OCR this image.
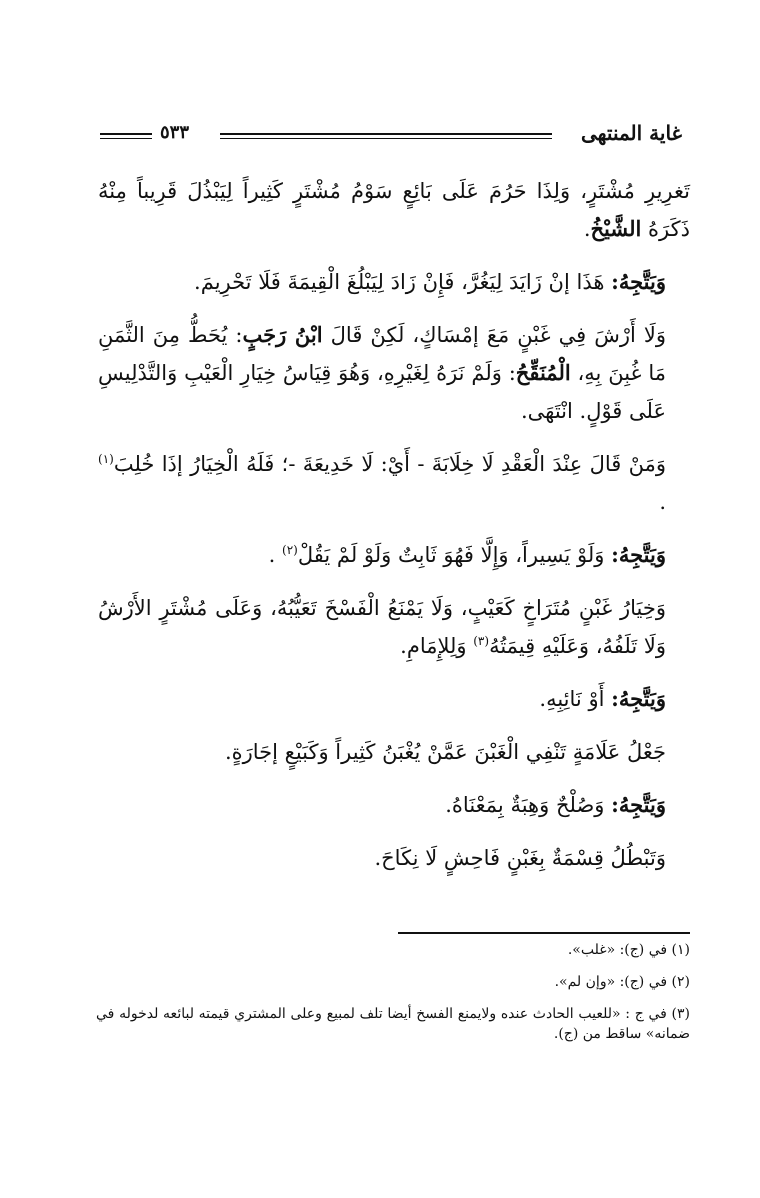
غاية المنتهى
٥٣٣

تَغرِيرِ مُشْتَرٍ، وَلِذَا حَرُمَ عَلَى بَائِعٍ سَوْمُ مُشْتَرٍ كَثِيراً لِيَبْذُلَ قَرِيباً مِنْهُ ذَكَرَهُ الشَّيْخُ.

وَيَتَّجِهُ: هَذَا إنْ زَايَدَ لِيَغُرَّ، فَإِنْ زَادَ لِيَبْلُغَ الْقِيمَةَ فَلَا تَحْرِيمَ.

وَلَا أَرْشَ فِي غَبْنٍ مَعَ إمْسَاكٍ، لَكِنْ قَالَ ابْنُ رَجَبٍ: يُحَطُّ مِنَ الثَّمَنِ مَا غُبِنَ بِهِ، الْمُنَقِّحُ: وَلَمْ نَرَهُ لِغَيْرِهِ، وَهُوَ قِيَاسُ خِيَارِ الْعَيْبِ وَالتَّدْلِيسِ عَلَى قَوْلٍ. انْتَهَى.

وَمَنْ قَالَ عِنْدَ الْعَقْدِ لَا خِلَابَةَ - أَيْ: لَا خَدِيعَةَ -؛ فَلَهُ الْخِيَارُ إذَا خُلِبَ$^{(١)}$ .

وَيَتَّجِهُ: وَلَوْ يَسِيراً، وَإِلَّا فَهُوَ ثَابِتٌ وَلَوْ لَمْ يَقُلْ$^{(٢)}$ .

وَخِيَارُ غَبْنٍ مُتَرَاخٍ كَعَيْبٍ، وَلَا يَمْنَعُ الْفَسْخَ تَعَيُّبُهُ، وَعَلَى مُشْتَرٍ الأَرْشُ وَلَا تَلَفُهُ، وَعَلَيْهِ قِيمَتُهُ$^{(٣)}$ وَلِلإِمَامِ.

وَيَتَّجِهُ: أَوْ نَائِبِهِ.

جَعْلُ عَلَامَةٍ تَنْفِي الْغَبْنَ عَمَّنْ يُغْبَنُ كَثِيراً وَكَبَيْعٍ إجَارَةٍ.

وَيَتَّجِهُ: وَصُلْحٌ وَهِبَةٌ بِمَعْنَاهُ.

وَتَبْطُلُ قِسْمَةٌ بِغَبْنٍ فَاحِشٍ لَا نِكَاحَ.

(١) في (ج): «غلب».

(٢) في (ج): «وإن لم».

(٣) في ج : «للعيب الحادث عنده ولايمنع الفسخ أيضا تلف لمبيع وعلى المشتري قيمته لبائعه لدخوله في ضمانه» ساقط من (ج).
